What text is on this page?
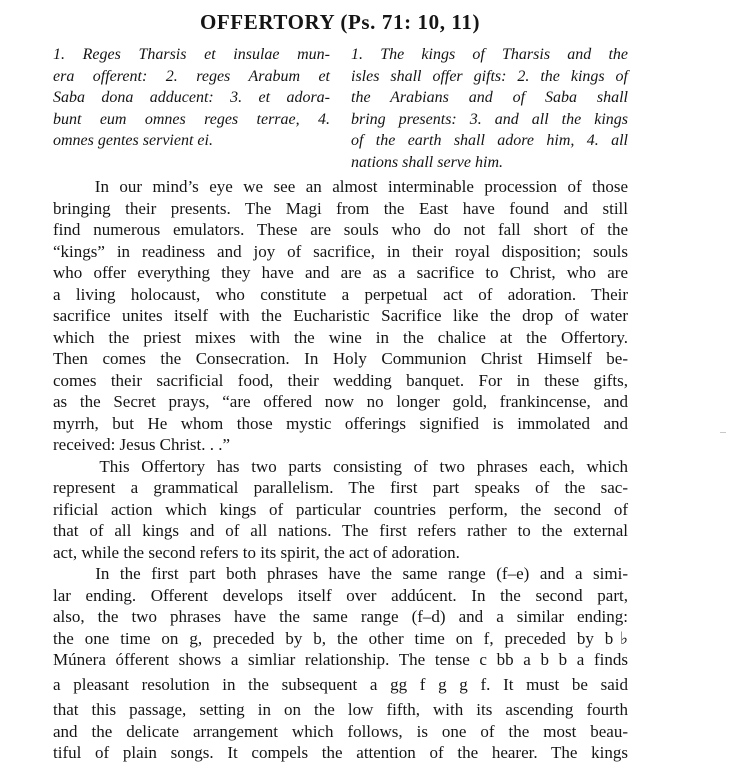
OFFERTORY (Ps. 71: 10, 11)
1. Reges Tharsis et insulae mun-
era offerent: 2. reges Arabum et
Saba dona adducent: 3. et adora-
bunt eum omnes reges terrae, 4.
omnes gentes servient ei.
1. The kings of Tharsis and the
isles shall offer gifts: 2. the kings of
the Arabians and of Saba shall
bring presents: 3. and all the kings
of the earth shall adore him, 4. all
nations shall serve him.
In our mind’s eye we see an almost interminable procession of those
bringing their presents. The Magi from the East have found and still
find numerous emulators. These are souls who do not fall short of the
“kings” in readiness and joy of sacrifice, in their royal disposition; souls
who offer everything they have and are as a sacrifice to Christ, who are
a living holocaust, who constitute a perpetual act of adoration. Their
sacrifice unites itself with the Eucharistic Sacrifice like the drop of water
which the priest mixes with the wine in the chalice at the Offertory.
Then comes the Consecration. In Holy Communion Christ Himself be-
comes their sacrificial food, their wedding banquet. For in these gifts,
as the Secret prays, “are offered now no longer gold, frankincense, and
myrrh, but He whom those mystic offerings signified is immolated and
received: Jesus Christ. . .”
This Offertory has two parts consisting of two phrases each, which
represent a grammatical parallelism. The first part speaks of the sac-
rificial action which kings of particular countries perform, the second of
that of all kings and of all nations. The first refers rather to the external
act, while the second refers to its spirit, the act of adoration.
In the first part both phrases have the same range (f–e) and a simi-
lar ending. Offerent develops itself over addúcent. In the second part,
also, the two phrases have the same range (f–d) and a similar ending:
the one time on g, preceded by b, the other time on f, preceded by b♭
Múnera ófferent shows a simliar relationship. The tense c bb a b b a finds
a pleasant resolution in the subsequent a gg f g g f. It must be said
that this passage, setting in on the low fifth, with its ascending fourth
and the delicate arrangement which follows, is one of the most beau-
tiful of plain songs. It compels the attention of the hearer. The kings
